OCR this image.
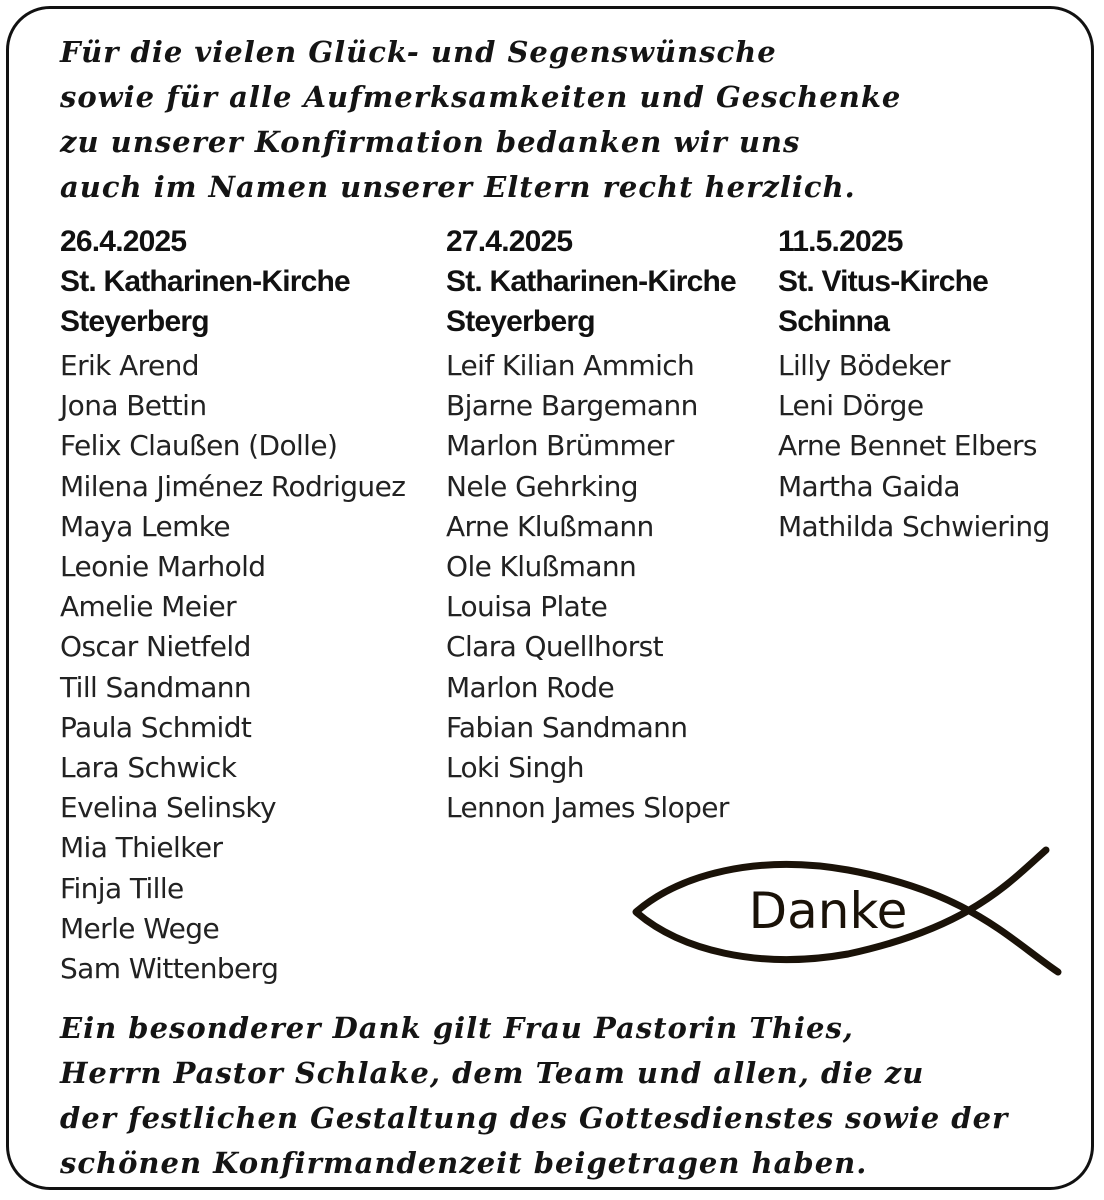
Für die vielen Glück- und Segenswünsche
sowie für alle Aufmerksamkeiten und Geschenke
zu unserer Konfirmation bedanken wir uns
auch im Namen unserer Eltern recht herzlich.
26.4.2025
St. Katharinen-Kirche
Steyerberg
Erik Arend
Jona Bettin
Felix Claußen (Dolle)
Milena Jiménez Rodriguez
Maya Lemke
Leonie Marhold
Amelie Meier
Oscar Nietfeld
Till Sandmann
Paula Schmidt
Lara Schwick
Evelina Selinsky
Mia Thielker
Finja Tille
Merle Wege
Sam Wittenberg
27.4.2025
St. Katharinen-Kirche
Steyerberg
Leif Kilian Ammich
Bjarne Bargemann
Marlon Brümmer
Nele Gehrking
Arne Klußmann
Ole Klußmann
Louisa Plate
Clara Quellhorst
Marlon Rode
Fabian Sandmann
Loki Singh
Lennon James Sloper
11.5.2025
St. Vitus-Kirche
Schinna
Lilly Bödeker
Leni Dörge
Arne Bennet Elbers
Martha Gaida
Mathilda Schwiering
Danke
Ein besonderer Dank gilt Frau Pastorin Thies,
Herrn Pastor Schlake, dem Team und allen, die zu
der festlichen Gestaltung des Gottesdienstes sowie der
schönen Konfirmandenzeit beigetragen haben.
